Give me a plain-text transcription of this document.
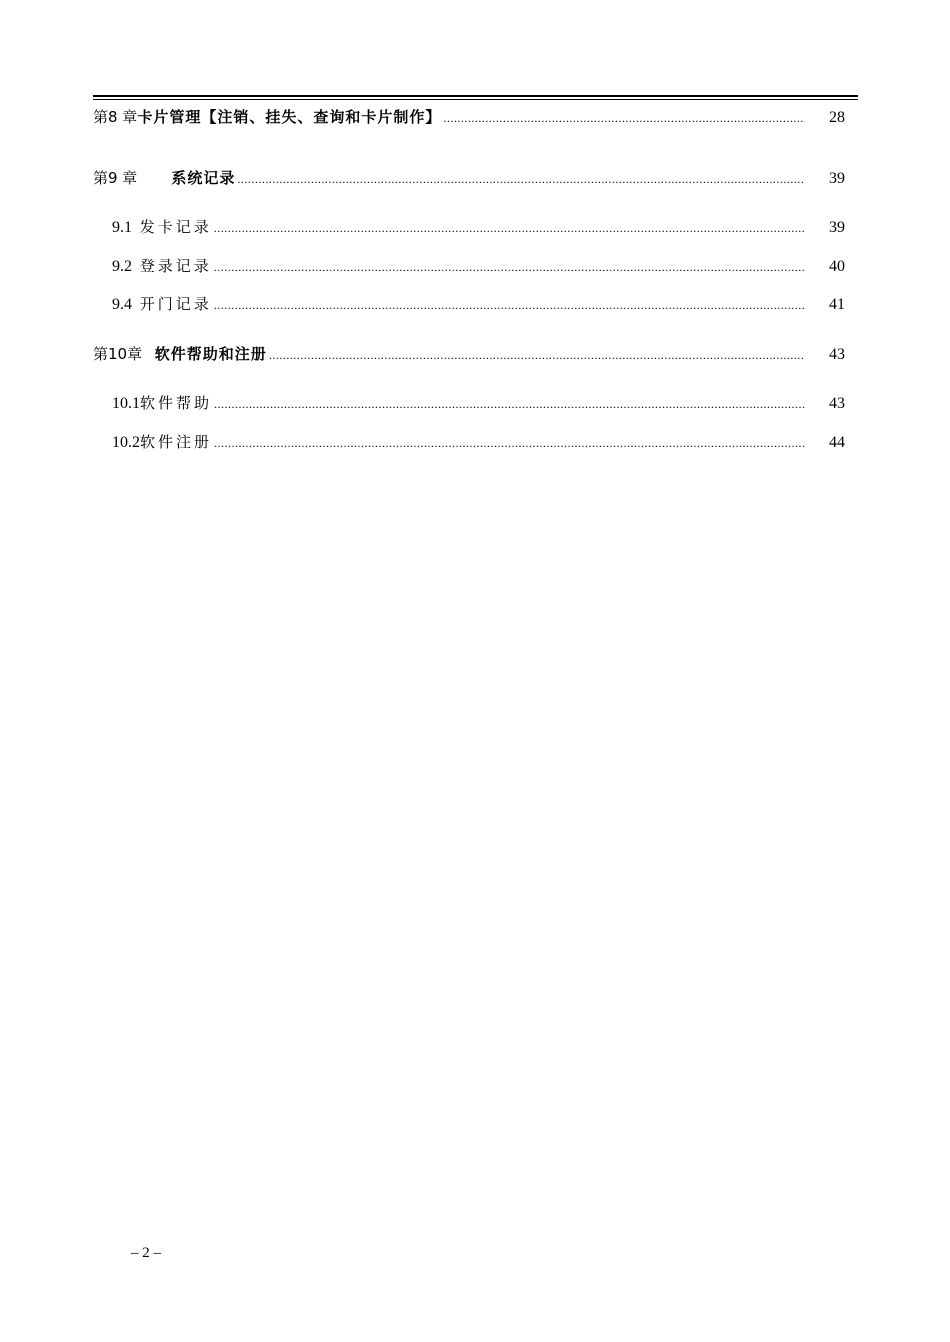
第8 章 卡片管理【注销、挂失、查询和卡片制作】 .....	28
第9 章	系统记录 .....	39
9.1 发卡记录 .....	39
9.2 登录记录 .....	40
9.4 开门记录 .....	41
第10章 软件帮助和注册 .....	43
10.1 软件帮助 .....	43
10.2 软件注册 .....	44
– 2 –
